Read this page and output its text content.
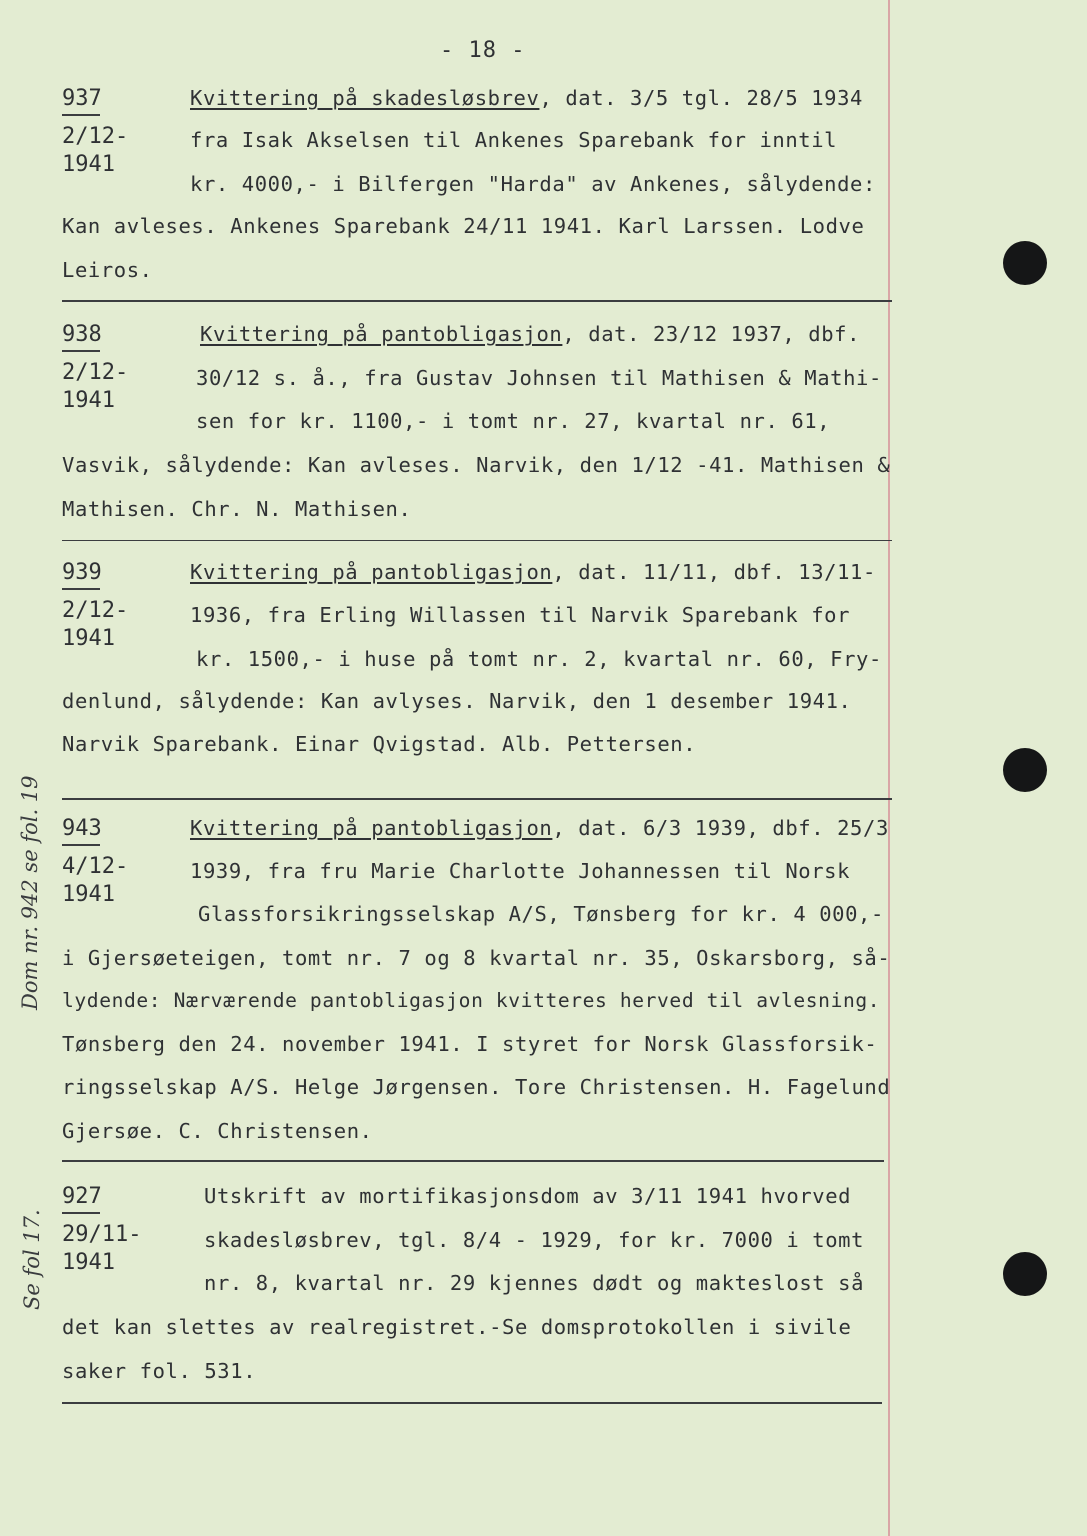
- 18 -
937
2/12-
1941
Kvittering på skadesløsbrev, dat. 3/5 tgl. 28/5 1934
fra Isak Akselsen til Ankenes Sparebank for inntil
kr. 4000,- i Bilfergen "Harda" av Ankenes, sålydende:
Kan avleses. Ankenes Sparebank 24/11 1941. Karl Larssen. Lodve
Leiros.
938
2/12-
1941
Kvittering på pantobligasjon, dat. 23/12 1937, dbf.
30/12 s. å., fra Gustav Johnsen til Mathisen & Mathi-
sen for kr. 1100,- i tomt nr. 27, kvartal nr. 61,
Vasvik, sålydende: Kan avleses. Narvik, den 1/12 -41. Mathisen &
Mathisen. Chr. N. Mathisen.
939
2/12-
1941
Kvittering på pantobligasjon, dat. 11/11, dbf. 13/11-
1936, fra Erling Willassen til Narvik Sparebank for
kr. 1500,- i huse på tomt nr. 2, kvartal nr. 60, Fry-
denlund, sålydende: Kan avlyses. Narvik, den 1 desember 1941.
Narvik Sparebank. Einar Qvigstad. Alb. Pettersen.
943
4/12-
1941
Kvittering på pantobligasjon, dat. 6/3 1939, dbf. 25/3
1939, fra fru Marie Charlotte Johannessen til Norsk
Glassforsikringsselskap A/S, Tønsberg for kr. 4 000,-
i Gjersøeteigen, tomt nr. 7 og 8 kvartal nr. 35, Oskarsborg, så-
lydende: Nærværende pantobligasjon kvitteres herved til avlesning.
Tønsberg den 24. november 1941. I styret for Norsk Glassforsik-
ringsselskap A/S. Helge Jørgensen. Tore Christensen. H. Fagelund
Gjersøe. C. Christensen.
927
29/11-
1941
Utskrift av mortifikasjonsdom av 3/11 1941 hvorved
skadesløsbrev, tgl. 8/4 - 1929, for kr. 7000 i tomt
nr. 8, kvartal nr. 29 kjennes dødt og makteslost så
det kan slettes av realregistret.-Se domsprotokollen i sivile
saker fol. 531.
Dom nr. 942 se fol. 19
Se fol 17.
